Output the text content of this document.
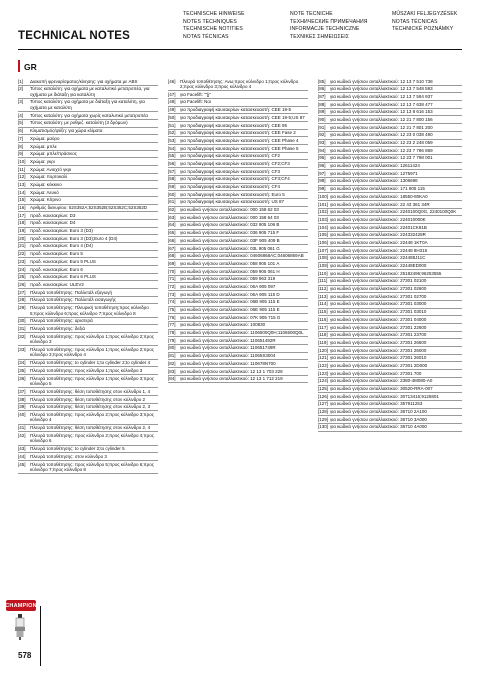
TECHNISCHE HINWEISE
NOTES TECHNIQUES
TECHNISCHE NOTITIES
NOTAS TÉCNICAS
NOTE TECNICHE
ТЕХНИЧЕСКИЕ ПРИМЕЧАНИЯ
INFORMACJE TECHNICZNE
ΤΕΧΝΙΚΕΣ ΣΗΜΕΙΩΣΕΙΣ
MŰSZAKI FELJEGYZÉSEK
NOTAS TÉCNICAS
TECHNICKÉ POZNÁMKY
TECHNICAL NOTES
GR
[1]	Διακοπή φρεναρίσματος/κίνησης: για οχήματα με ABS
[2]	Τύπος καταλύτη: για οχήματα με καταλυτικό μετατροπέα, για οχήματα με διάταξη για καταλύτη
[3]	Τύπος καταλύτη: για οχήματα με διάταξη για καταλύτη, για οχήματα με καταλύτη
[4]	Τύπος καταλύτη: για οχήματα χωρίς καταλυτικό μετατροπέα
[5]	Τύπος καταλύτη: με ρυθμιζ. καταλύτη (3 δρόμων)
[6]	Κλιματισμός/ψύξη: για χώρα κλίματα
[7]	Χρώμα: μαύρο
[8]	Χρώμα: μπλε
[9]	Χρώμα: μπλε/πράσινος
[10] Χρώμα: γκρι
[11]	Χρώμα: Ανοιχτό γκρι
[12] Χρώμα: πορτοκαλί
[13] Χρώμα: κόκκινο
[14] Χρώμα: Λευκό
[15] Χρώμα: Κίτρινο
[16] Αριθμός διεκυρίου: 52S352A;52S352B;52S352C;52S352D
[17] προδ. καυσαερίων: D3
[18] προδ. καυσαερίων: D4
[19] προδ. καυσαερίων: Euro 3 (D3)
[20] προδ. καυσαερίων: Euro 3 (D3);Euro 4 (D4)
[21] προδ. καυσαερίων: Euro 4 (D4)
[22] προδ. καυσαερίων: Euro 5
[23] προδ. καυσαερίων: Euro 5 PLUS
[24] προδ. καυσαερίων: Euro 6
[25] προδ. καυσαερίων: Euro 6 PLUS
[26] προδ. καυσαερίων: ULEV2
[27] Πλευρά τοποθέτησης: Παλλετάλ εξαγωγή
[28] Πλευρά τοποθέτησης: Παλλετάλ εισαγωγής
[29] Πλευρά τοποθέτησης: Πλευρική τοποθέτηση;προς κύλινδρο 5;προς κύλινδρο 6;προς κύλινδρο 7;προς κύλινδρο 8
[30] Πλευρά τοποθέτησης: αριστερά
[31] Πλευρά τοποθέτησης: δεξιά
[32] Πλευρά τοποθέτησης: προς κύλινδρο 1;προς κύλινδρο 2;προς κύλινδρο 3
[33] Πλευρά τοποθέτησης: προς κύλινδρο 1;προς κύλινδρο 2;προς κύλινδρο 3;προς κύλινδρο 4
[34] Πλευρά τοποθέτησης: to cylinder 1;to cylinder 2;to cylinder 4
[35] Πλευρά τοποθέτησης: προς κύλινδρο 1;προς κύλινδρο 3
[36] Πλευρά τοποθέτησης: προς κύλινδρο 1;προς κύλινδρο 3;προς κύλινδρο 5
[37] Πλευρά τοποθέτησης: θέση τοποθέτησης στον κύλινδρο 1, 4
[38] Πλευρά τοποθέτησης: θέση τοποθέτησης στον κύλινδρο 2
[39] Πλευρά τοποθέτησης: θέση τοποθέτησης στον κύλινδρο 2, 3
[40] Πλευρά τοποθέτησης: προς κύλινδρο 2;προς κύλινδρο 3;προς κύλινδρο 4
[41] Πλευρά τοποθέτησης: θέση τοποθέτησης στον κύλινδρο 2, 4
[42] Πλευρά τοποθέτησης: προς κύλινδρο 2;προς κύλινδρο 4;προς κύλινδρο 6
[43] Πλευρά τοποθέτησης: to cylinder 2;to cylinder 5
[44] Πλευρά τοποθέτησης: στον κύλινδρο 3
[45] Πλευρά τοποθέτησης: προς κύλινδρο 5;προς κύλινδρο 6;προς κύλινδρο 7;προς κύλινδρο 8
[46] Πλευρά τοποθέτησης: Ανω;προς κύλινδρο 1;προς κύλινδρο 2;προς κύλινδρο 3;προς κύλινδρο 4
[47] για Facelift: ""jj"
[48] για Facelift: Νοι
[49] για προδιαγραφή καυσαερίων κατασκευαστή: CEE 19-5
[50] για προδιαγραφή καυσαερίων κατασκευαστή: CEE 19-5;US 87
[51] για προδιαγραφή καυσαερίων κατασκευαστή: CEE 95
[52] για προδιαγραφή καυσαερίων κατασκευαστή: CEE Fase 2
[53] για προδιαγραφή καυσαερίων κατασκευαστή: CEE Phase 4
[54] για προδιαγραφή καυσαερίων κατασκευαστή: CEE Phase 5
[55] για προδιαγραφή καυσαερίων κατασκευαστή: CF2
[56] για προδιαγραφή καυσαερίων κατασκευαστή: CF2;CF3
[57] για προδιαγραφή καυσαερίων κατασκευαστή: CF3
[58] για προδιαγραφή καυσαερίων κατασκευαστή: CF3;CF4
[59] για προδιαγραφή καυσαερίων κατασκευαστή: CF4
[60] για προδιαγραφή καυσαερίων κατασκευαστή: Euro 5
[61] για προδιαγραφή καυσαερίων κατασκευαστή: US 87
[62] για κωδικό γνήσιου ανταλλακτικού: 000 158 62 03
[63] για κωδικό γνήσιου ανταλλακτικού: 000 158 64 03
[64] για κωδικό γνήσιου ανταλλακτικού: 032 905 106 B
[65] για κωδικό γνήσιου ανταλλακτικού: 036 905 715 F
[66] για κωδικό γνήσιου ανταλλακτικού: 03F 905 409 B
[67] για κωδικό γνήσιου ανταλλακτικού: 03L 905 061 G
[68] για κωδικό γνήσιου ανταλλακτικού: 04606868AC;04606869AB
[69] για κωδικό γνήσιου ανταλλακτικού: 058 905 101 A
[70] για κωδικό γνήσιου ανταλλακτικού: 059 905 061 H
[71] για κωδικό γνήσιου ανταλλακτικού: 059 963 319
[72] για κωδικό γνήσιου ανταλλακτικού: 06A 905 097
[73] για κωδικό γνήσιου ανταλλακτικού: 06A 905 115 D
[74] για κωδικό γνήσιου ανταλλακτικού: 06B 905 115 E
[75] για κωδικό γνήσιου ανταλλακτικού: 06E 905 115 E
[76] για κωδικό γνήσιου ανταλλακτικού: 07K 905 715 G
[77] για κωδικό γνήσιου ανταλλακτικού: 100830
[78] για κωδικό γνήσιου ανταλλακτικού: 1106500Q0H;1106500Q0L
[79] για κωδικό γνήσιου ανταλλακτικού: 110651492R
[80] για κωδικό γνήσιου ανταλλακτικού: 110651749R
[81] για κωδικό γνήσιου ανταλλακτικού: 11065S3004
[82] για κωδικό γνήσιου ανταλλακτικού: 110678N700
[83] για κωδικό γνήσιου ανταλλακτικού: 12 13 1 703 228
[84] για κωδικό γνήσιου ανταλλακτικού: 12 13 1 712 219
[85] για κωδικό γνήσιου ανταλλακτικού: 12 13 7 510 738
[86] για κωδικό γνήσιου ανταλλακτικού: 12 13 7 548 593
[87] για κωδικό γνήσιου ανταλλακτικού: 12 13 7 594 937
[88] για κωδικό γνήσιου ανταλλακτικού: 12 13 7 638 477
[89] για κωδικό γνήσιου ανταλλακτικού: 12 13 8 616 153
[90] για κωδικό γνήσιου ανταλλακτικού: 12 21 7 800 156
[91] για κωδικό γνήσιου ανταλλακτικού: 12 21 7 801 200
[92] για κωδικό γνήσιου ανταλλακτικού: 12 23 0 038 490
[93] για κωδικό γνήσιου ανταλλακτικού: 12 23 2 248 059
[94] για κωδικό γνήσιου ανταλλακτικού: 12 23 7 786 869
[95] για κωδικό γνήσιου ανταλλακτικού: 12 23 7 798 001
[96] για κωδικό γνήσιου ανταλλακτικού: 12611424
[97] για κωδικό γνήσιου ανταλλακτικού: 1275971
[98] για κωδικό γνήσιου ανταλλακτικού: 1306696
[99] για κωδικό γνήσιου ανταλλακτικού: 171 905 115
[100] για κωδικό γνήσιου ανταλλακτικού: 18550-80KA0
[101] για κωδικό γνήσιου ανταλλακτικού: 22 43 361 34R
[102] για κωδικό γνήσιου ανταλλακτικού: 2240100Q0G, 2240100Q0K
[103] για κωδικό γνήσιου ανταλλακτικού: 224010000K
[104] για κωδικό γνήσιου ανταλλακτικού: 22401CK81B
[105] για κωδικό γνήσιου ανταλλακτικού: 224332428R
[106] για κωδικό γνήσιου ανταλλακτικού: 22448 1KT0A
[107] για κωδικό γνήσιου ανταλλακτικού: 22448 8H315
[108] για κωδικό γνήσιου ανταλλακτικού: 224488J11C
[109] για κωδικό γνήσιου ανταλλακτικού: 22448ED000
[110] για κωδικό γνήσιου ανταλλακτικού: 25182496;96253555
[111] για κωδικό γνήσιου ανταλλακτικού: 27301 02100
[112] για κωδικό γνήσιου ανταλλακτικού: 27301 02600
[113] για κωδικό γνήσιου ανταλλακτικού: 27301 02700
[114] για κωδικό γνήσιου ανταλλακτικού: 27301 03000
[115] για κωδικό γνήσιου ανταλλακτικού: 27301 03010
[116] για κωδικό γνήσιου ανταλλακτικού: 27301 04000
[117] για κωδικό γνήσιου ανταλλακτικού: 27301 22600
[118] για κωδικό γνήσιου ανταλλακτικού: 27301 23700
[119] για κωδικό γνήσιου ανταλλακτικού: 27301 26600
[120] για κωδικό γνήσιου ανταλλακτικού: 27301 26000
[121] για κωδικό γνήσιου ανταλλακτικού: 27301 26010
[122] για κωδικό γνήσιου ανταλλακτικού: 27301 2D000
[123] για κωδικό γνήσιου ανταλλακτικού: 27301 700
[124] για κωδικό γνήσιου ανταλλακτικού: 2380-4M080-A0
[125] για κωδικό γνήσιου ανταλλακτικού: 30520-RRA-007
[126] για κωδικό γνήσιου ανταλλακτικού: 30713416;9125801
[127] για κωδικό γνήσιου ανταλλακτικού: 357911253
[128] για κωδικό γνήσιου ανταλλακτικού: 36710 2A100
[129] για κωδικό γνήσιου ανταλλακτικού: 36710 3A000
[130] για κωδικό γνήσιου ανταλλακτικού: 36710 4A000
CHAMPION
578
